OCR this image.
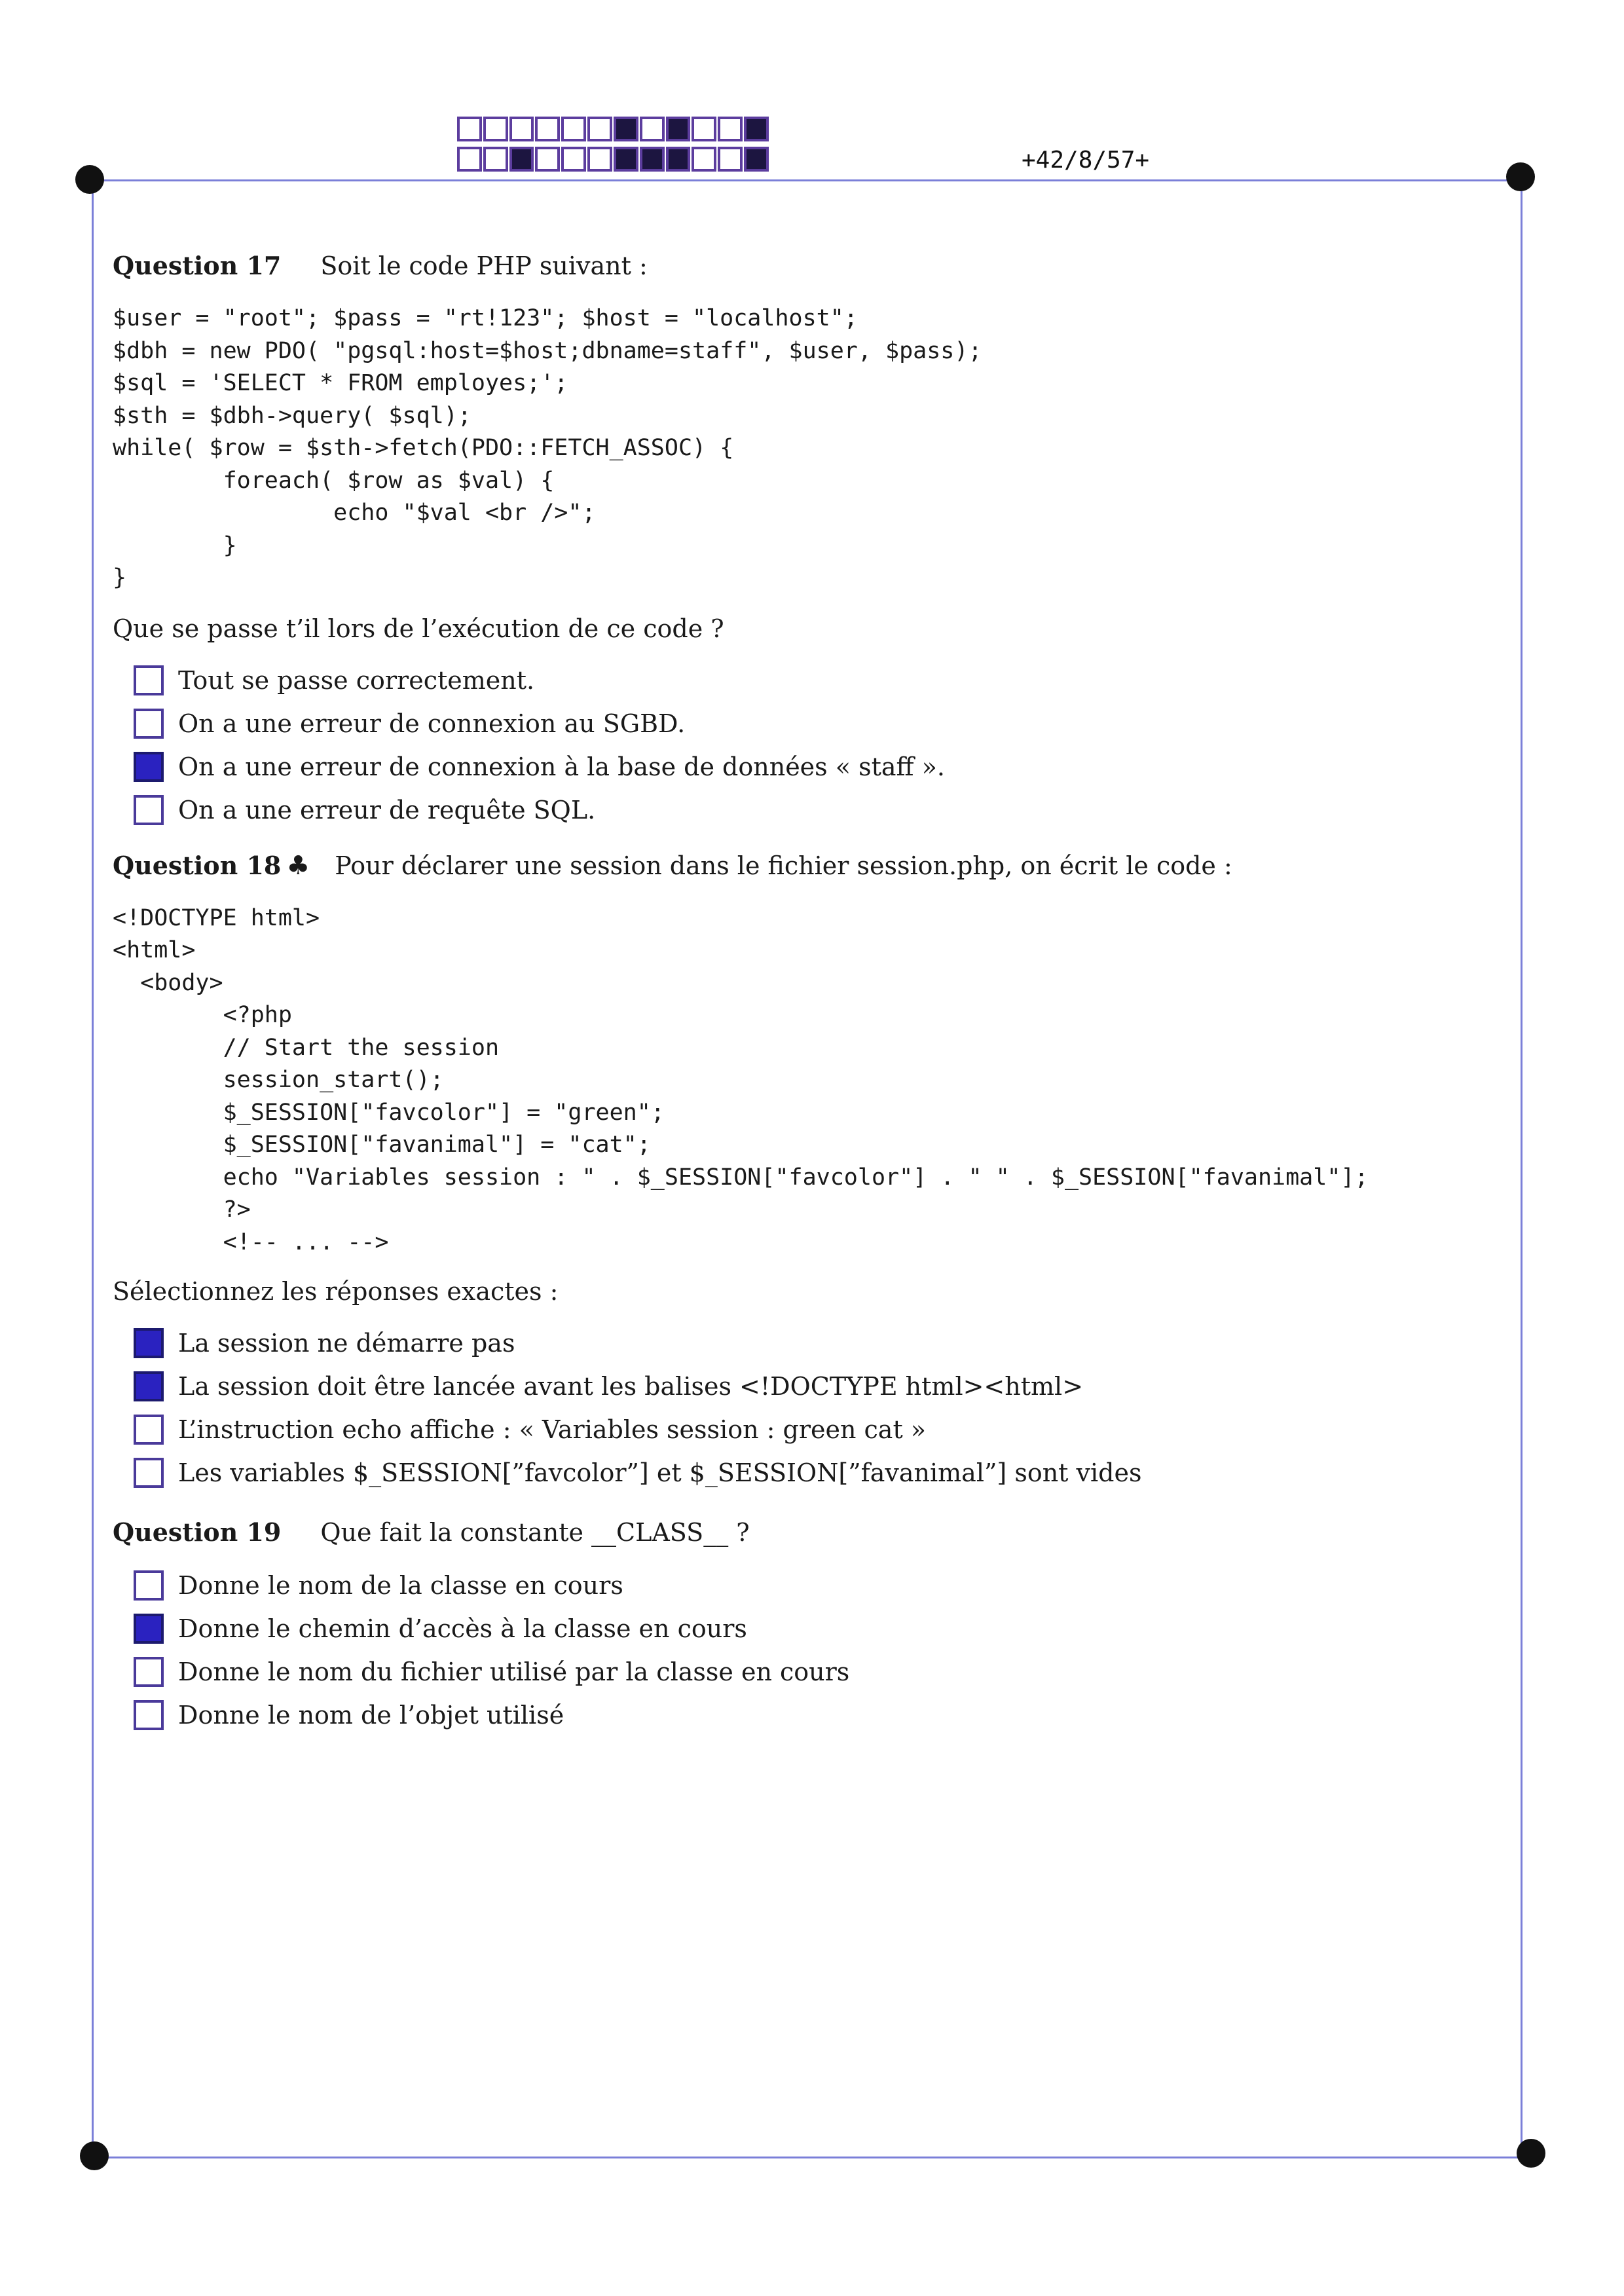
+42/8/57+
Question 17 Soit le code PHP suivant :
$user = "root"; $pass = "rt!123"; $host = "localhost";
$dbh = new PDO( "pgsql:host=$host;dbname=staff", $user, $pass);
$sql = 'SELECT * FROM employes;';
$sth = $dbh->query( $sql);
while( $row = $sth->fetch(PDO::FETCH_ASSOC) {
foreach( $row as $val) {
echo "$val <br />";
}
}
Que se passe t’il lors de l’exécution de ce code ?
Tout se passe correctement.
On a une erreur de connexion au SGBD.
On a une erreur de connexion à la base de données « staff ».
On a une erreur de requête SQL.
Question 18 ♣ Pour déclarer une session dans le fichier session.php, on écrit le code :
<!DOCTYPE html>
<html>
<body>
<?php
// Start the session
session_start();
$_SESSION["favcolor"] = "green";
$_SESSION["favanimal"] = "cat";
echo "Variables session : " . $_SESSION["favcolor"] . " " . $_SESSION["favanimal"];
?>
<!-- ... -->
Sélectionnez les réponses exactes :
La session ne démarre pas
La session doit être lancée avant les balises <!DOCTYPE html><html>
L’instruction echo affiche : « Variables session : green cat »
Les variables $_SESSION[”favcolor”] et $_SESSION[”favanimal”] sont vides
Question 19 Que fait la constante __CLASS__ ?
Donne le nom de la classe en cours
Donne le chemin d’accès à la classe en cours
Donne le nom du fichier utilisé par la classe en cours
Donne le nom de l’objet utilisé
